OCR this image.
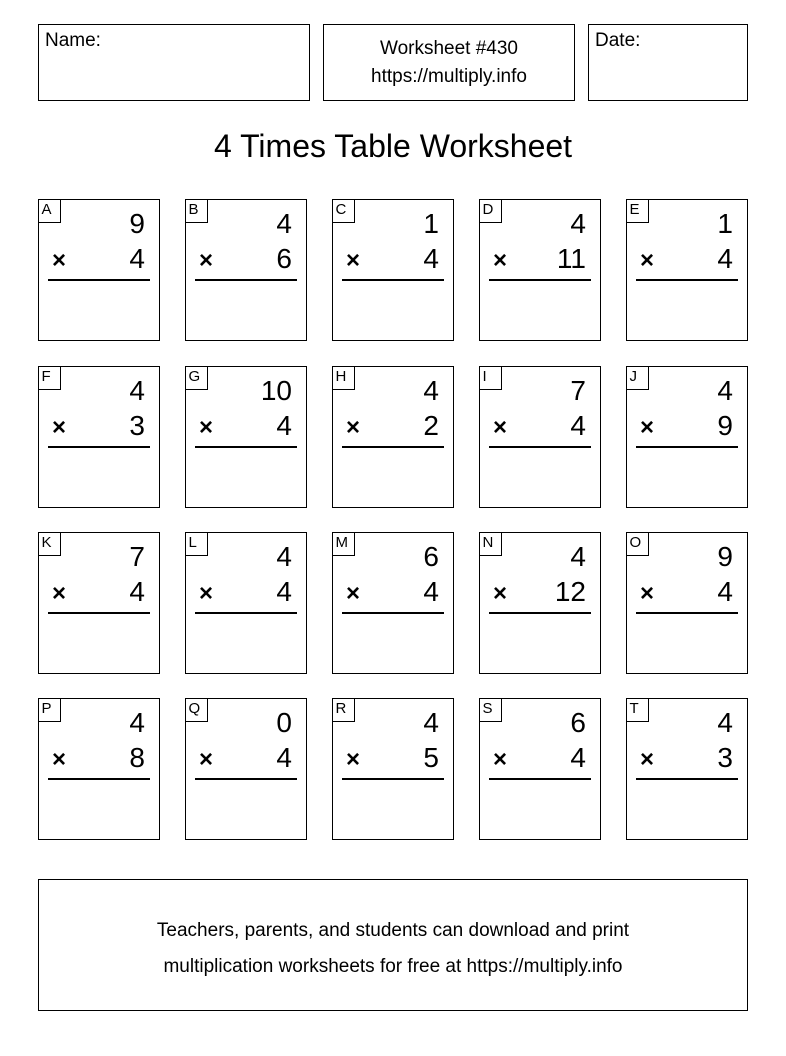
Name:	Worksheet #430
https://multiply.info
Date:
4 Times Table Worksheet
A	9
× 4
B	4
× 6
C	1
× 4
D	4
× 11
E	1
× 4
F	4
× 3
G 10
× 4
H	4
× 2
I	7
× 4
J	4
× 9
K	7
× 4
L	4
× 4
M	6
× 4
N	4
× 12
O	9
× 4
P	4
× 8
Q	0
× 4
R	4
× 5
S	6
× 4
T	4
× 3
Teachers, parents, and students can download and print
multiplication worksheets for free at https://multiply.info
